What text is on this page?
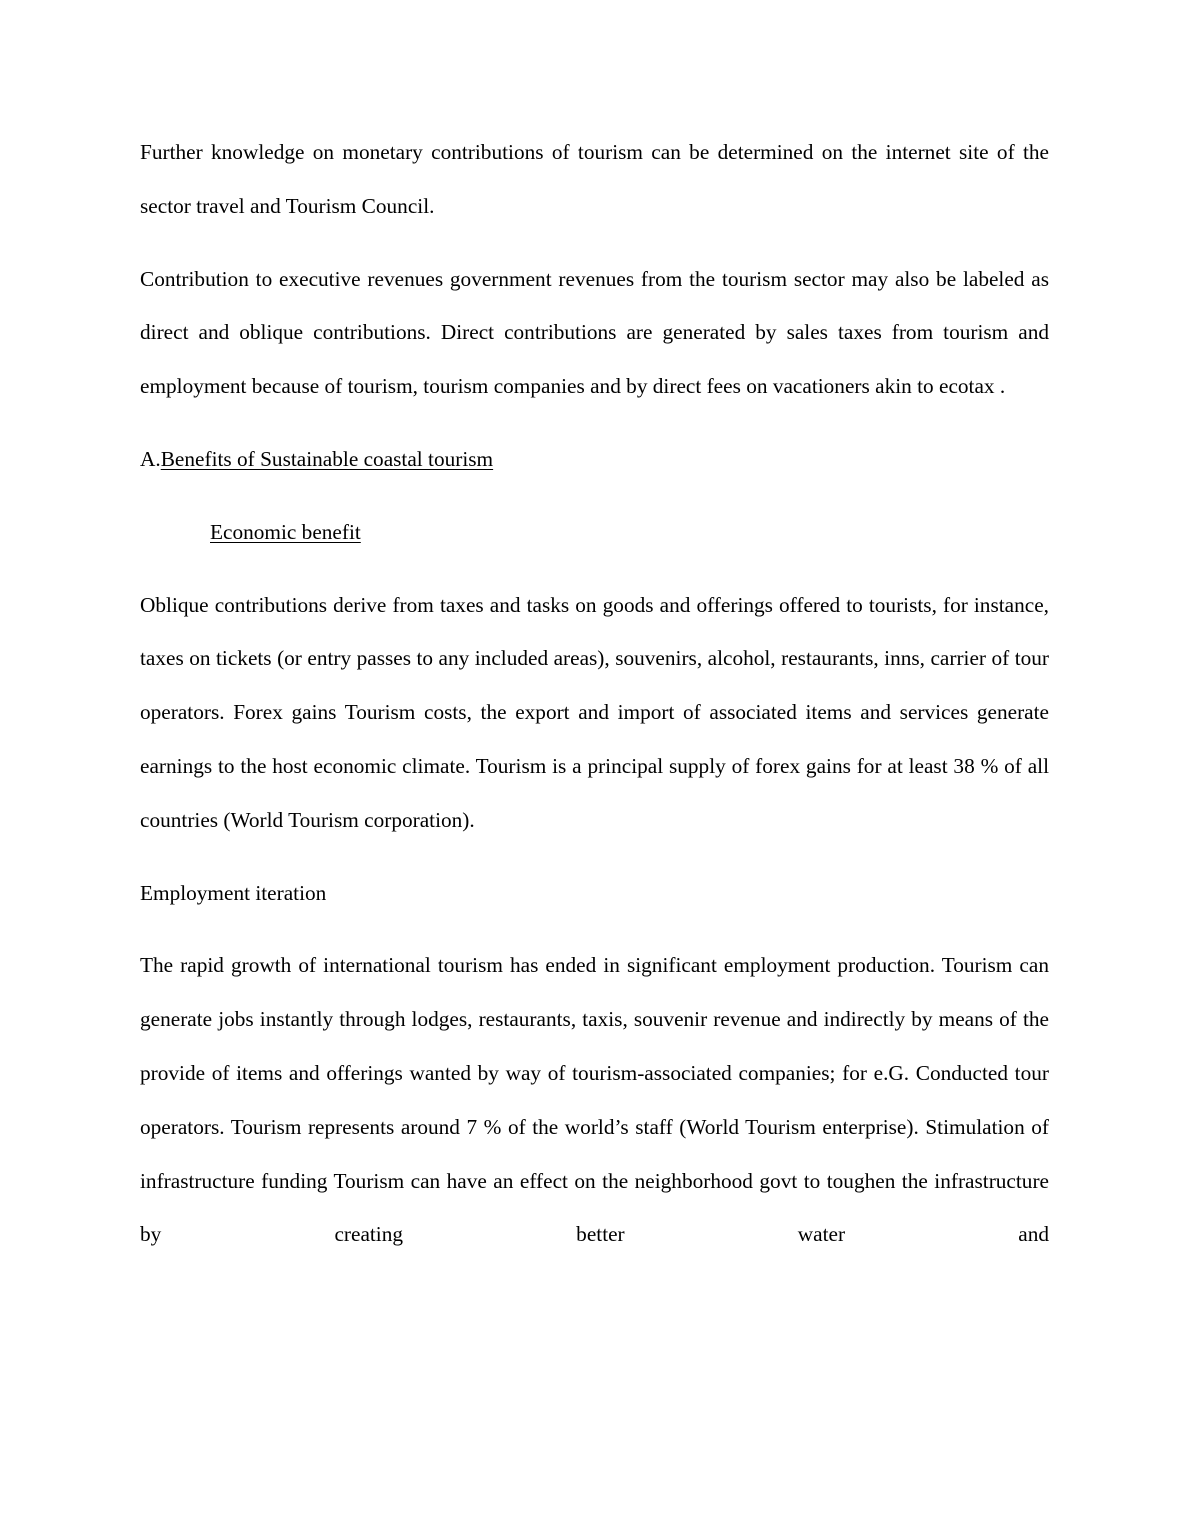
Further knowledge on monetary contributions of tourism can be determined on the internet site of the sector travel and Tourism Council.

Contribution to executive revenues government revenues from the tourism sector may also be labeled as direct and oblique contributions. Direct contributions are generated by sales taxes from tourism and employment because of tourism, tourism companies and by direct fees on vacationers akin to ecotax .

A.Benefits of Sustainable coastal tourism

Economic benefit

Oblique contributions derive from taxes and tasks on goods and offerings offered to tourists, for instance, taxes on tickets (or entry passes to any included areas), souvenirs, alcohol, restaurants, inns, carrier of tour operators. Forex gains Tourism costs, the export and import of associated items and services generate earnings to the host economic climate. Tourism is a principal supply of forex gains for at least 38 % of all countries (World Tourism corporation).

Employment iteration

The rapid growth of international tourism has ended in significant employment production. Tourism can generate jobs instantly through lodges, restaurants, taxis, souvenir revenue and indirectly by means of the provide of items and offerings wanted by way of tourism-associated companies; for e.G. Conducted tour operators. Tourism represents around 7 % of the world’s staff (World Tourism enterprise). Stimulation of infrastructure funding Tourism can have an effect on the neighborhood govt to toughen the infrastructure by creating better water and
